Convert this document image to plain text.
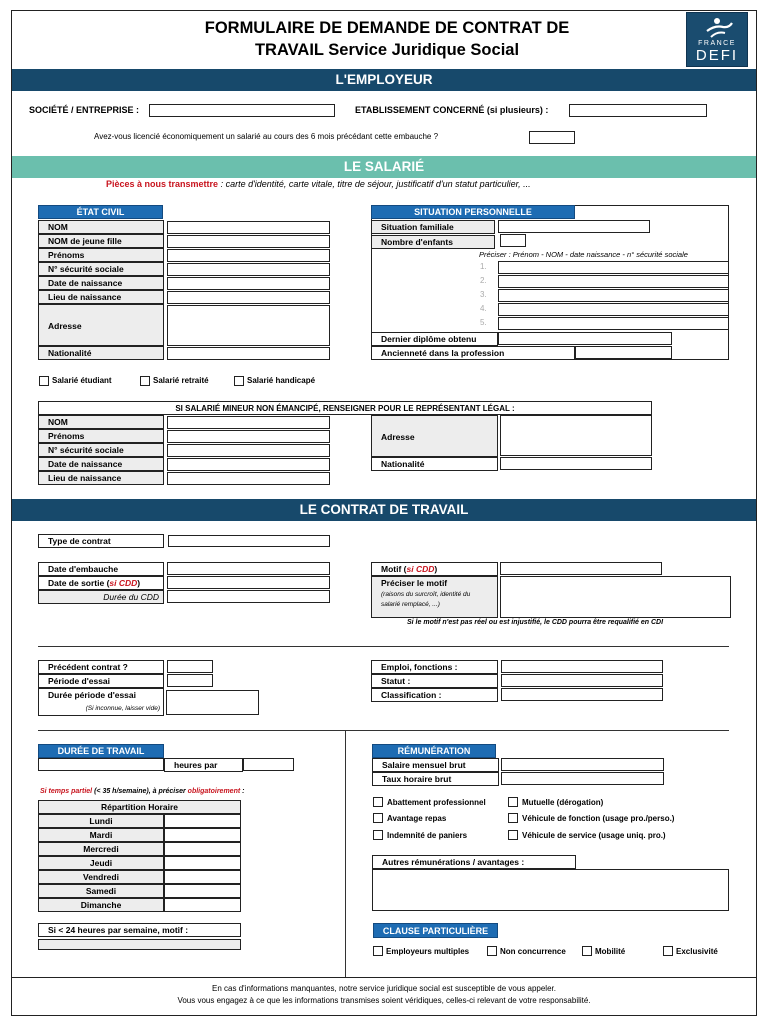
FORMULAIRE DE DEMANDE DE CONTRAT DE
TRAVAIL Service Juridique Social	FRANCE
DEFI
L'EMPLOYEUR
SOCIÉTÉ / ENTREPRISE :	ETABLISSEMENT CONCERNÉ (si plusieurs) :
Avez-vous licencié économiquement un salarié au cours des 6 mois précédant cette embauche ?
LE SALARIÉ
Pièces à nous transmettre : carte d'identité, carte vitale, titre de séjour, justificatif d'un statut particulier, ...
ÉTAT CIVIL
NOM
NOM de jeune fille
Prénoms
N° sécurité sociale
Date de naissance
Lieu de naissance
Adresse
Nationalité
SITUATION PERSONNELLE
Situation familiale
Nombre d'enfants
Préciser : Prénom - NOM - date naissance - n° sécurité sociale
1.
2.
3.
4.
5.
Dernier diplôme obtenu
Ancienneté dans la profession
Salarié étudiant	Salarié retraité	Salarié handicapé
SI SALARIÉ MINEUR NON ÉMANCIPÉ, RENSEIGNER POUR LE REPRÉSENTANT LÉGAL :
NOM
Prénoms
N° sécurité sociale
Date de naissance
Lieu de naissance
Adresse
Nationalité
LE CONTRAT DE TRAVAIL
Type de contrat
Date d'embauche
Date de sortie (si CDD)
Durée du CDD
Motif (si CDD)
Préciser le motif
(raisons du surcroît, identité du
salarié remplacé, ...)
Si le motif n'est pas réel ou est injustifié, le CDD pourra être requalifié en CDI
Précédent contrat ?
Période d'essai
Durée période d'essai
(Si inconnue, laisser vide)
Emploi, fonctions :
Statut :
Classification :
DURÉE DE TRAVAIL
heures par
Si temps partiel (< 35 h/semaine), à préciser obligatoirement :
Répartition Horaire
Lundi
Mardi
Mercredi
Jeudi
Vendredi
Samedi
Dimanche
Si < 24 heures par semaine, motif :
RÉMUNÉRATION
Salaire mensuel brut
Taux horaire brut
Abattement professionnel
Avantage repas
Indemnité de paniers
Mutuelle (dérogation)
Véhicule de fonction (usage pro./perso.)
Véhicule de service (usage uniq. pro.)
Autres rémunérations / avantages :
CLAUSE PARTICULIÈRE
Employeurs multiples	Non concurrence	Mobilité	Exclusivité
En cas d'informations manquantes, notre service juridique social est susceptible de vous appeler.
Vous vous engagez à ce que les informations transmises soient véridiques, celles-ci relevant de votre responsabilité.
